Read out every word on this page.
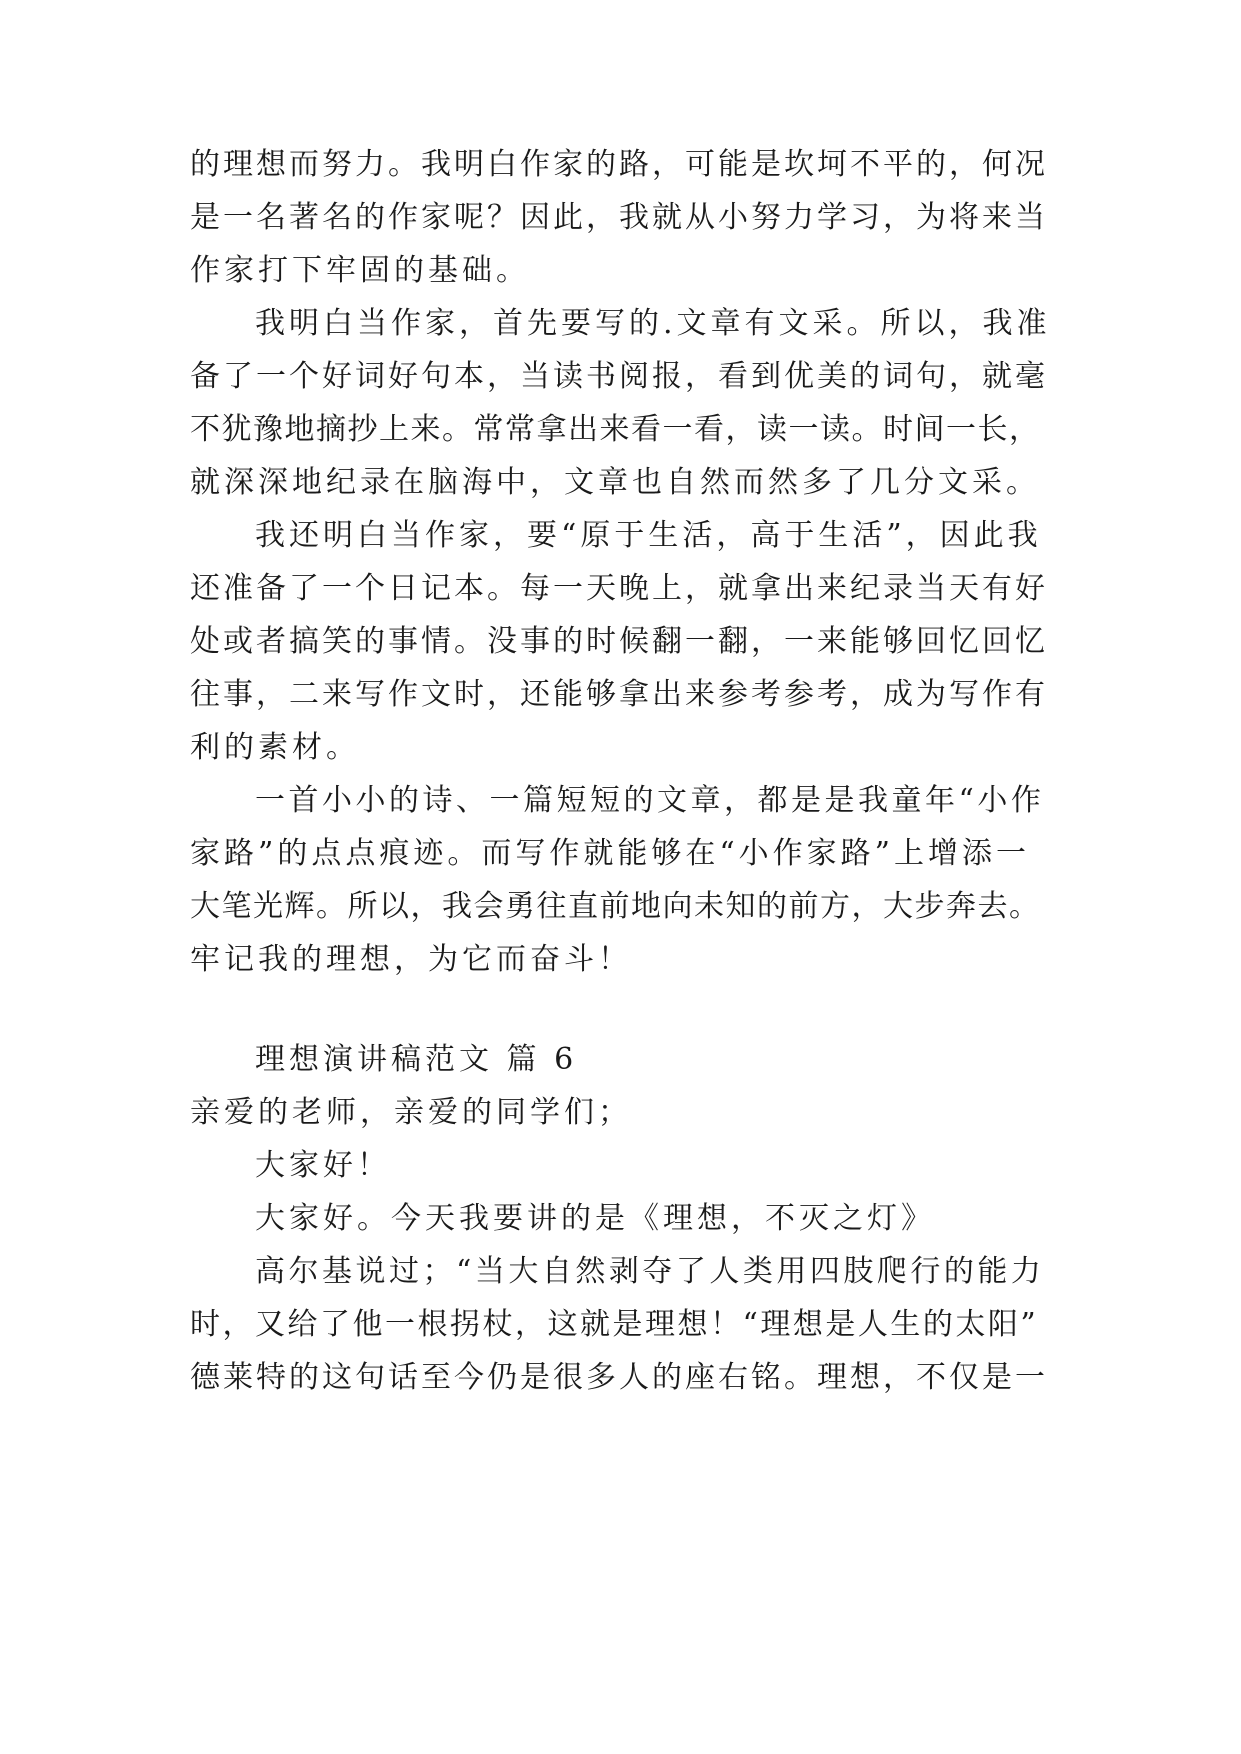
的理想而努力。我明白作家的路，可能是坎坷不平的，何况
是一名著名的作家呢？因此，我就从小努力学习，为将来当
作家打下牢固的基础。
我明白当作家，首先要写的.文章有文采。所以，我准
备了一个好词好句本，当读书阅报，看到优美的词句，就毫
不犹豫地摘抄上来。常常拿出来看一看，读一读。时间一长，
就深深地纪录在脑海中，文章也自然而然多了几分文采。
我还明白当作家，要“原于生活，高于生活”，因此我
还准备了一个日记本。每一天晚上，就拿出来纪录当天有好
处或者搞笑的事情。没事的时候翻一翻，一来能够回忆回忆
往事，二来写作文时，还能够拿出来参考参考，成为写作有
利的素材。
一首小小的诗、一篇短短的文章，都是是我童年“小作
家路”的点点痕迹。而写作就能够在“小作家路”上增添一
大笔光辉。所以，我会勇往直前地向未知的前方，大步奔去。
牢记我的理想，为它而奋斗！
理想演讲稿范文 篇 6
亲爱的老师，亲爱的同学们；
大家好！
大家好。今天我要讲的是《理想，不灭之灯》
高尔基说过；“当大自然剥夺了人类用四肢爬行的能力
时，又给了他一根拐杖，这就是理想！“理想是人生的太阳”
德莱特的这句话至今仍是很多人的座右铭。理想，不仅是一
